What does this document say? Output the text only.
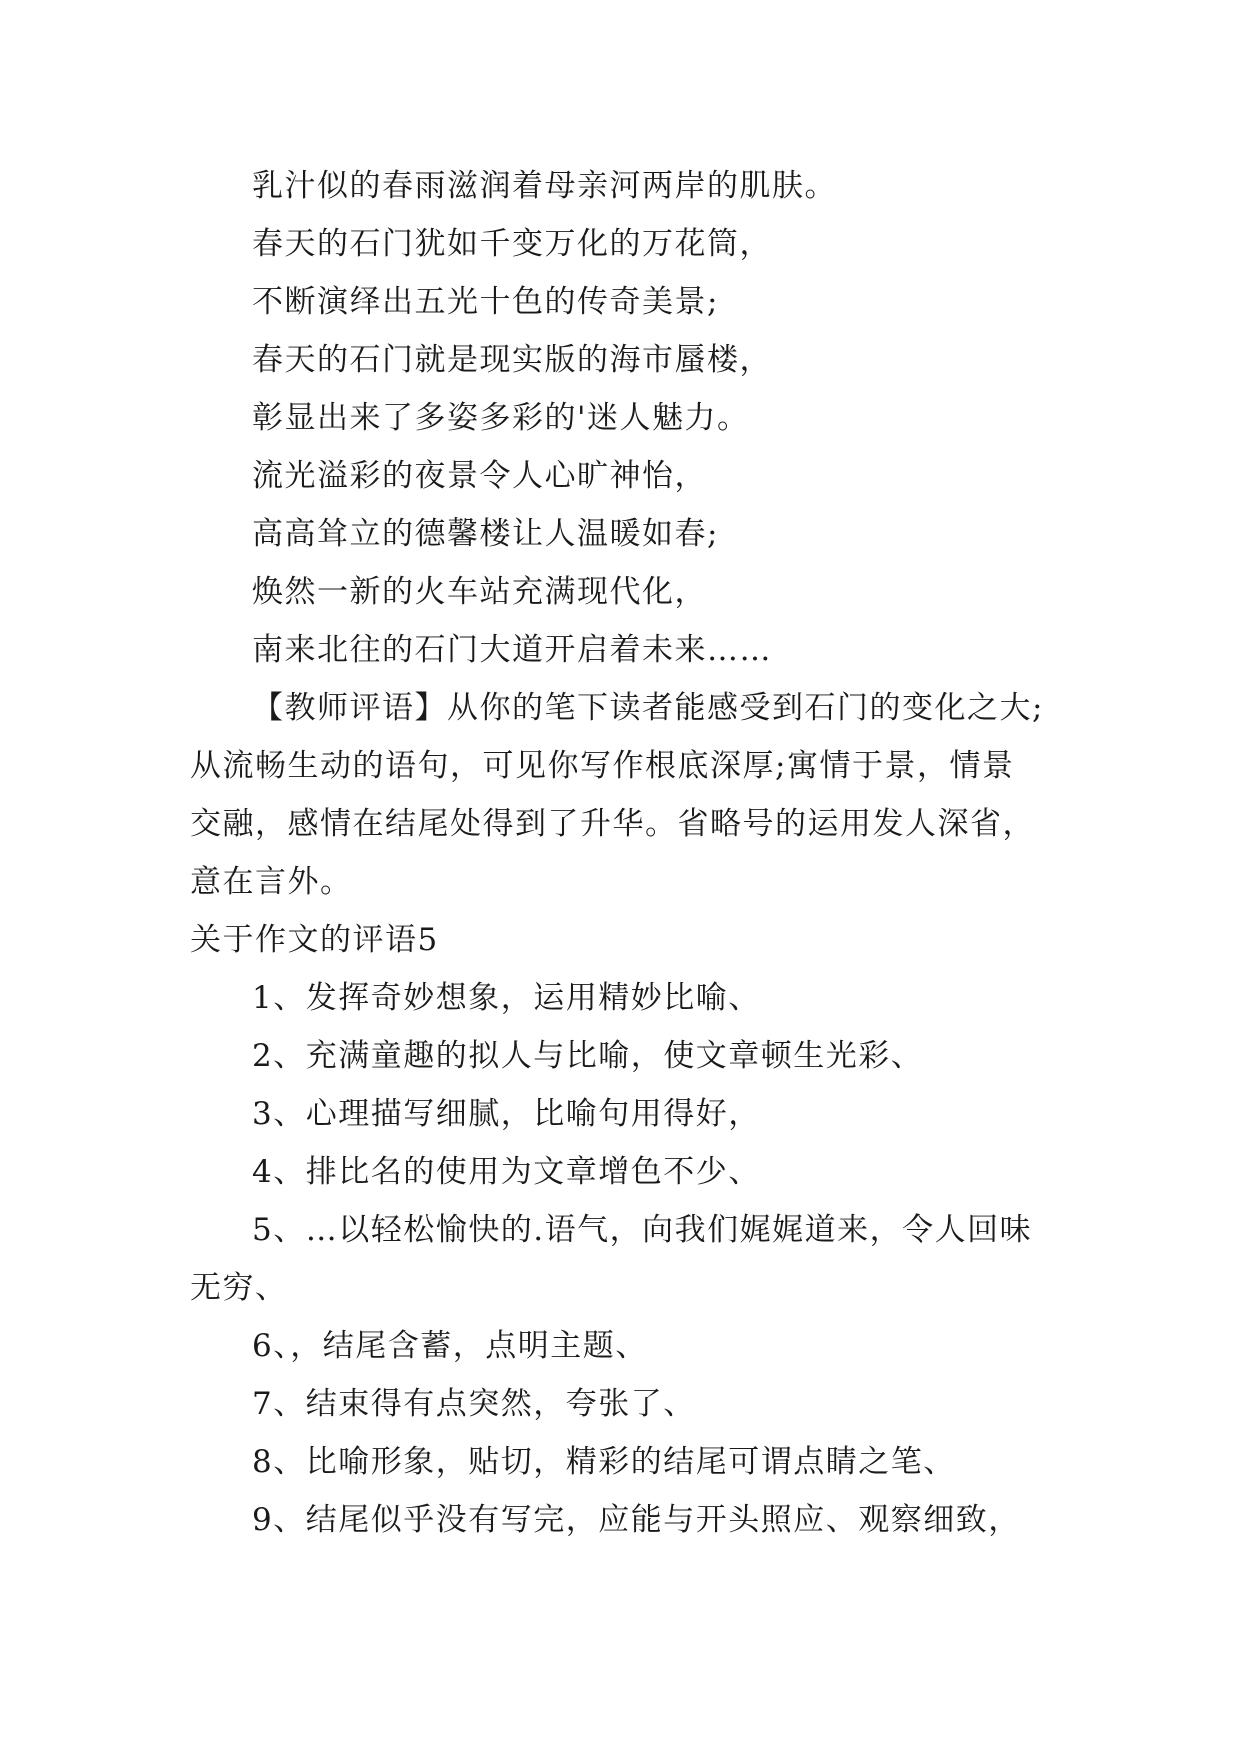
乳汁似的春雨滋润着母亲河两岸的肌肤。
春天的石门犹如千变万化的万花筒，
不断演绎出五光十色的传奇美景;
春天的石门就是现实版的海市蜃楼，
彰显出来了多姿多彩的'迷人魅力。
流光溢彩的夜景令人心旷神怡，
高高耸立的德馨楼让人温暖如春;
焕然一新的火车站充满现代化，
南来北往的石门大道开启着未来……
【教师评语】从你的笔下读者能感受到石门的变化之大;
从流畅生动的语句，可见你写作根底深厚;寓情于景，情景
交融，感情在结尾处得到了升华。省略号的运用发人深省，
意在言外。
关于作文的评语5
1、发挥奇妙想象，运用精妙比喻、
2、充满童趣的拟人与比喻，使文章顿生光彩、
3、心理描写细腻，比喻句用得好，
4、排比名的使用为文章增色不少、
5、…以轻松愉快的.语气，向我们娓娓道来，令人回味
无穷、
6、，结尾含蓄，点明主题、
7、结束得有点突然，夸张了、
8、比喻形象，贴切，精彩的结尾可谓点睛之笔、
9、结尾似乎没有写完，应能与开头照应、观察细致，
